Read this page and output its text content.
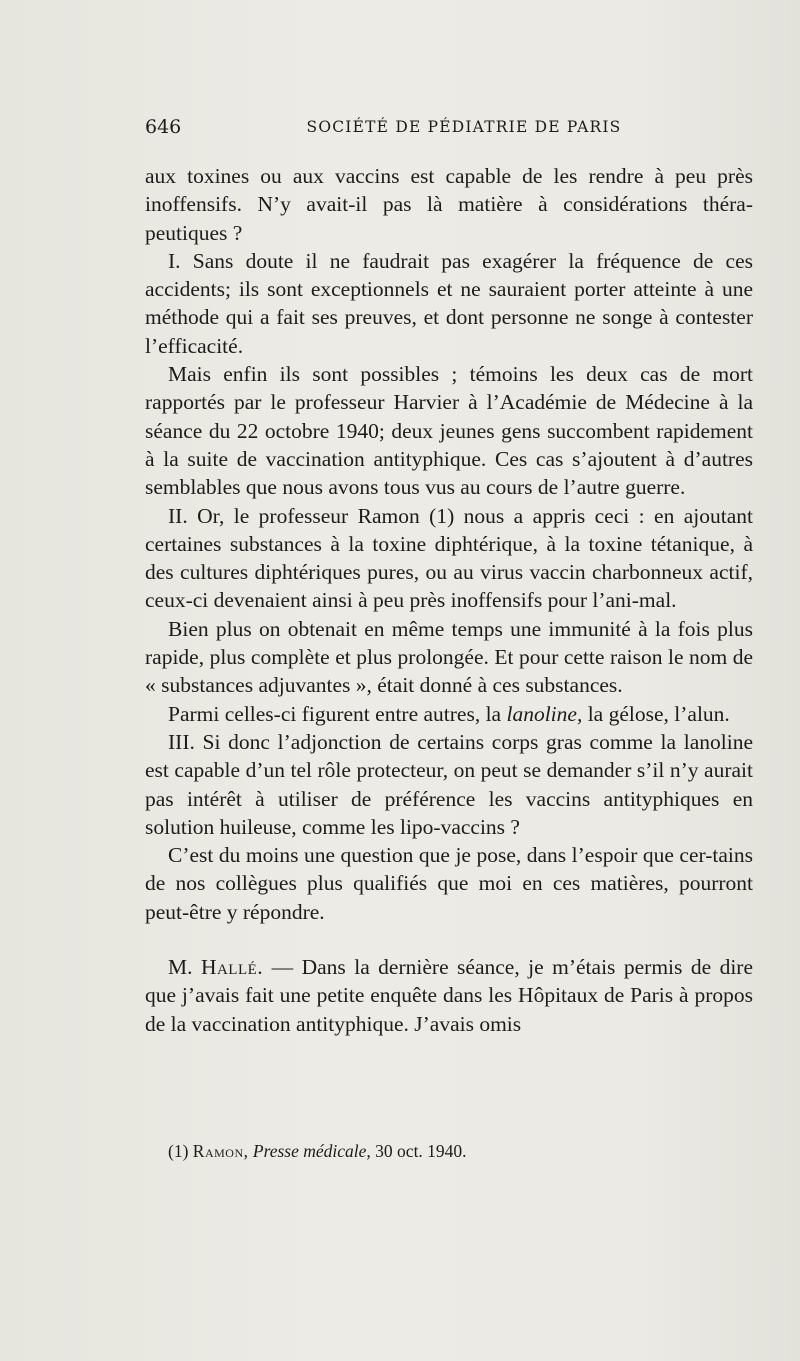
646	SOCIÉTÉ DE PÉDIATRIE DE PARIS

aux toxines ou aux vaccins est capable de les rendre à peu près inoffensifs. N’y avait-il pas là matière à considérations théra-peutiques ?

I. Sans doute il ne faudrait pas exagérer la fréquence de ces accidents; ils sont exceptionnels et ne sauraient porter atteinte à une méthode qui a fait ses preuves, et dont personne ne songe à contester l’efficacité.

Mais enfin ils sont possibles ; témoins les deux cas de mort rapportés par le professeur Harvier à l’Académie de Médecine à la séance du 22 octobre 1940; deux jeunes gens succombent rapidement à la suite de vaccination antityphique. Ces cas s’ajoutent à d’autres semblables que nous avons tous vus au cours de l’autre guerre.

II. Or, le professeur Ramon (1) nous a appris ceci : en ajoutant certaines substances à la toxine diphtérique, à la toxine tétanique, à des cultures diphtériques pures, ou au virus vaccin charbonneux actif, ceux-ci devenaient ainsi à peu près inoffensifs pour l’ani-mal.

Bien plus on obtenait en même temps une immunité à la fois plus rapide, plus complète et plus prolongée. Et pour cette raison le nom de « substances adjuvantes », était donné à ces substances.

Parmi celles-ci figurent entre autres, la lanoline, la gélose, l’alun.

III. Si donc l’adjonction de certains corps gras comme la lanoline est capable d’un tel rôle protecteur, on peut se demander s’il n’y aurait pas intérêt à utiliser de préférence les vaccins antityphiques en solution huileuse, comme les lipo-vaccins ?

C’est du moins une question que je pose, dans l’espoir que cer-tains de nos collègues plus qualifiés que moi en ces matières, pourront peut-être y répondre.

M. Hallé. — Dans la dernière séance, je m’étais permis de dire que j’avais fait une petite enquête dans les Hôpitaux de Paris à propos de la vaccination antityphique. J’avais omis

(1) Ramon, Presse médicale, 30 oct. 1940.
